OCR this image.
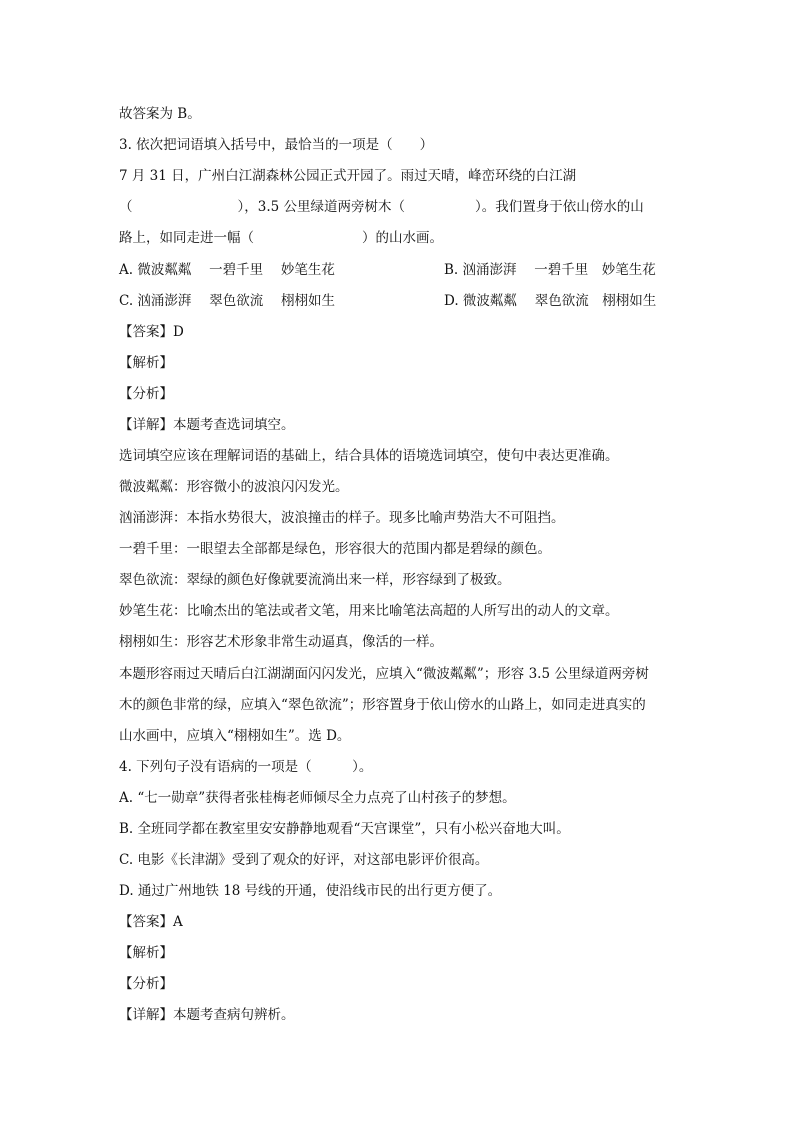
故答案为 B。
3. 依次把词语填入括号中，最恰当的一项是（　　）
7 月 31 日，广州白江湖森林公园正式开园了。雨过天晴，峰峦环绕的白江湖
（	），3.5 公里绿道两旁树木（	）。我们置身于依山傍水的山
路上，如同走进一幅（	）的山水画。
A. 微波粼粼　 一碧千里　 妙笔生花	B. 汹涌澎湃　 一碧千里　妙笔生花
C. 汹涌澎湃　 翠色欲流　 栩栩如生	D. 微波粼粼　 翠色欲流　栩栩如生
【答案】D
【解析】
【分析】
【详解】本题考查选词填空。
选词填空应该在理解词语的基础上，结合具体的语境选词填空，使句中表达更准确。
微波粼粼：形容微小的波浪闪闪发光。
汹涌澎湃：本指水势很大，波浪撞击的样子。现多比喻声势浩大不可阻挡。
一碧千里：一眼望去全部都是绿色，形容很大的范围内都是碧绿的颜色。
翠色欲流：翠绿的颜色好像就要流淌出来一样，形容绿到了极致。
妙笔生花：比喻杰出的笔法或者文笔，用来比喻笔法高超的人所写出的动人的文章。
栩栩如生：形容艺术形象非常生动逼真，像活的一样。
本题形容雨过天晴后白江湖湖面闪闪发光，应填入“微波粼粼”；形容 3.5 公里绿道两旁树
木的颜色非常的绿，应填入“翠色欲流”；形容置身于依山傍水的山路上，如同走进真实的
山水画中，应填入“栩栩如生”。选 D。
4. 下列句子没有语病的一项是（　　　）。
A. “七一勋章”获得者张桂梅老师倾尽全力点亮了山村孩子的梦想。
B. 全班同学都在教室里安安静静地观看“天宫课堂”，只有小松兴奋地大叫。
C. 电影《长津湖》受到了观众的好评，对这部电影评价很高。
D. 通过广州地铁 18 号线的开通，使沿线市民的出行更方便了。
【答案】A
【解析】
【分析】
【详解】本题考查病句辨析。
